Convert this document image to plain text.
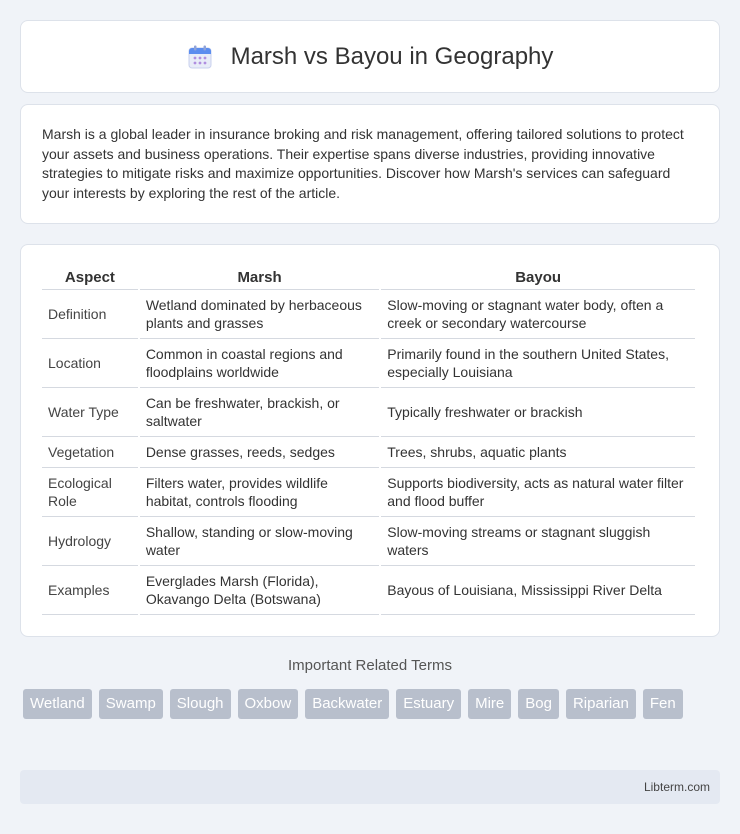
Marsh vs Bayou in Geography

Marsh is a global leader in insurance broking and risk management, offering tailored solutions to protect your assets and business operations. Their expertise spans diverse industries, providing innovative strategies to mitigate risks and maximize opportunities. Discover how Marsh's services can safeguard your interests by exploring the rest of the article.

Aspect	Marsh	Bayou
Definition	Wetland dominated by herbaceous plants and grasses	Slow-moving or stagnant water body, often a creek or secondary watercourse
Location	Common in coastal regions and floodplains worldwide	Primarily found in the southern United States, especially Louisiana
Water Type	Can be freshwater, brackish, or saltwater	Typically freshwater or brackish
Vegetation	Dense grasses, reeds, sedges	Trees, shrubs, aquatic plants
Ecological Role	Filters water, provides wildlife habitat, controls flooding	Supports biodiversity, acts as natural water filter and flood buffer
Hydrology	Shallow, standing or slow-moving water	Slow-moving streams or stagnant sluggish waters
Examples	Everglades Marsh (Florida), Okavango Delta (Botswana)	Bayous of Louisiana, Mississippi River Delta
Important Related Terms
Wetland	Swamp	Slough	Oxbow	Backwater	Estuary	Mire	Bog	Riparian	Fen
Libterm.com
